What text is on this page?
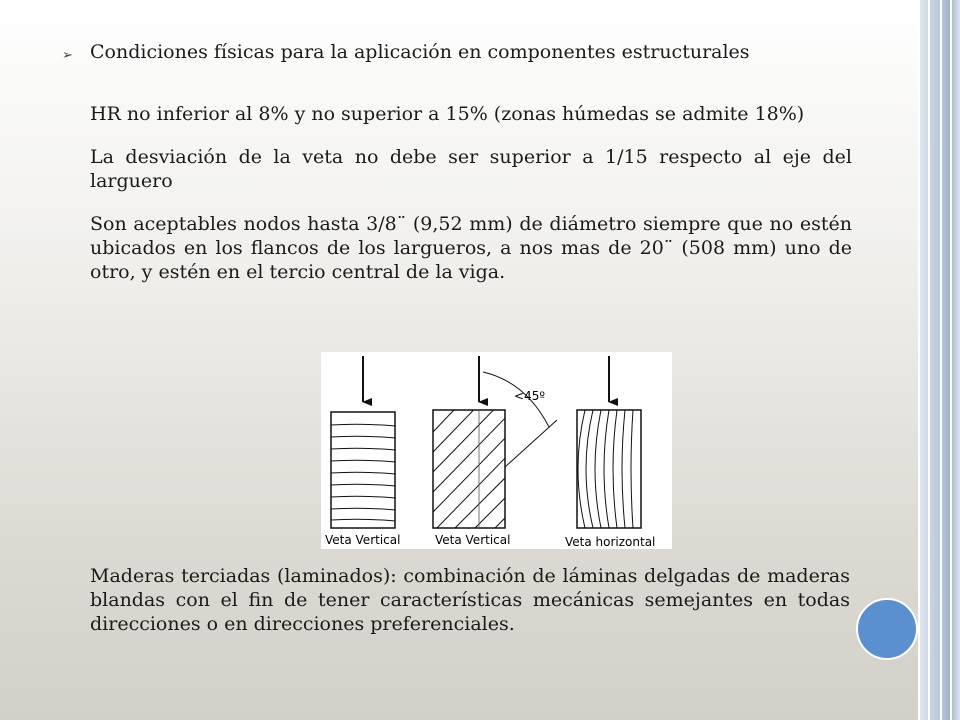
➢ Condiciones físicas para la aplicación en componentes estructurales

HR no inferior al 8% y no superior a 15% (zonas húmedas se admite 18%)

La desviación de la veta no debe ser superior a 1/15 respecto al eje del larguero

Son aceptables nodos hasta 3/8¨ (9,52 mm) de diámetro siempre que no estén ubicados en los flancos de los largueros, a nos mas de 20¨ (508 mm) uno de otro, y estén en el tercio central de la viga.

<45º
Veta Vertical	Veta Vertical	Veta horizontal

Maderas terciadas (laminados): combinación de láminas delgadas de maderas blandas con el fin de tener características mecánicas semejantes en todas direcciones o en direcciones preferenciales.
